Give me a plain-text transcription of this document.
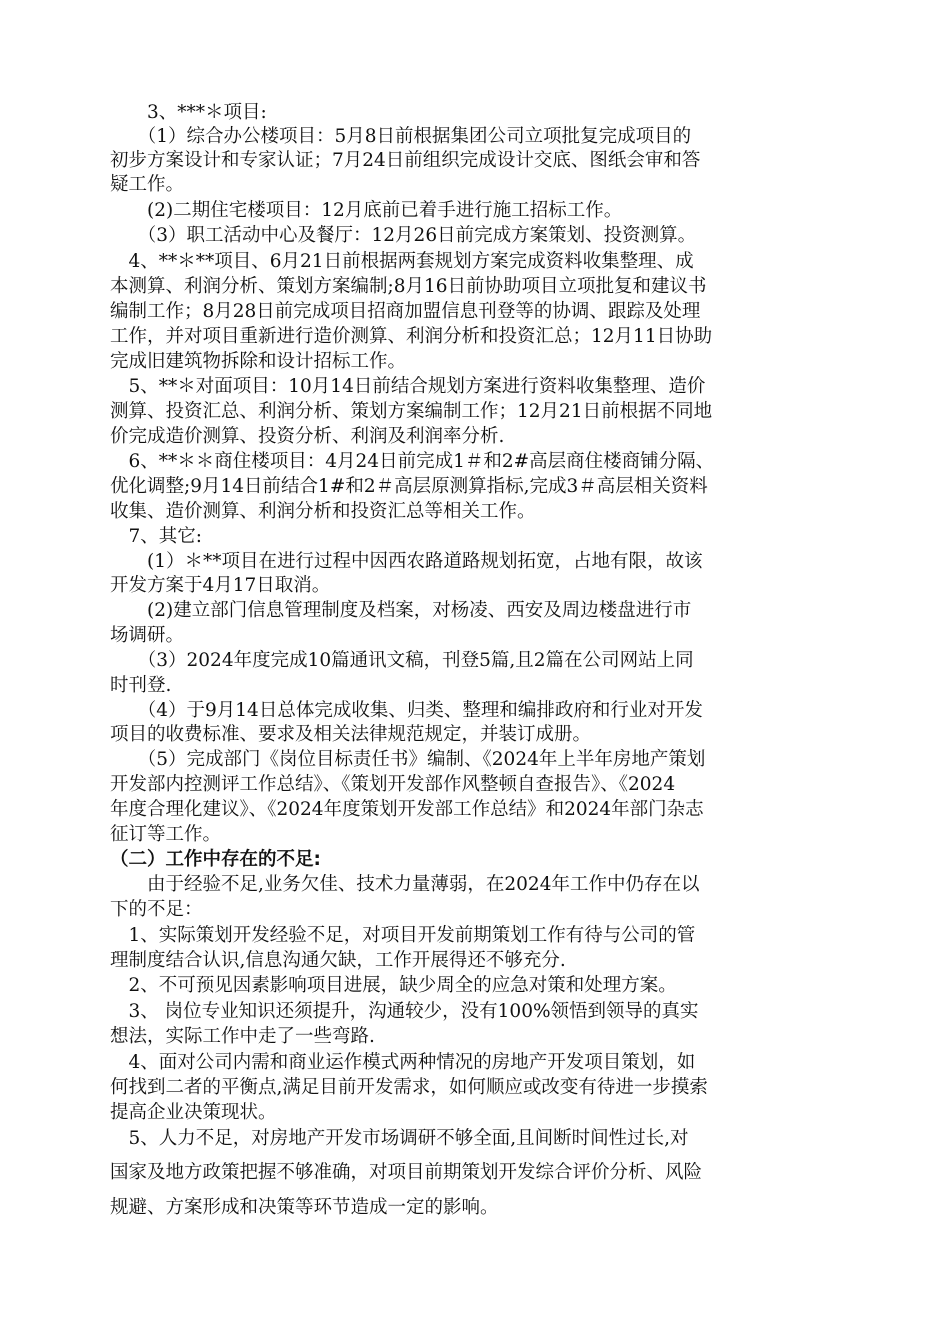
　　3、***＊项目:
　　（1）综合办公楼项目：5月8日前根据集团公司立项批复完成项目的
初步方案设计和专家认证；7月24日前组织完成设计交底、图纸会审和答
疑工作。
　　(2)二期住宅楼项目：12月底前已着手进行施工招标工作。
　　（3）职工活动中心及餐厅：12月26日前完成方案策划、投资测算。
　4、**＊**项目、6月21日前根据两套规划方案完成资料收集整理、成
本测算、利润分析、策划方案编制;8月16日前协助项目立项批复和建议书
编制工作；8月28日前完成项目招商加盟信息刊登等的协调、跟踪及处理
工作，并对项目重新进行造价测算、利润分析和投资汇总；12月11日协助
完成旧建筑物拆除和设计招标工作。
　5、**＊对面项目：10月14日前结合规划方案进行资料收集整理、造价
测算、投资汇总、利润分析、策划方案编制工作；12月21日前根据不同地
价完成造价测算、投资分析、利润及利润率分析.
　6、**＊＊商住楼项目：4月24日前完成1＃和2#高层商住楼商铺分隔、
优化调整;9月14日前结合1#和2＃高层原测算指标,完成3＃高层相关资料
收集、造价测算、利润分析和投资汇总等相关工作。
　7、其它:
　　(1）＊**项目在进行过程中因西农路道路规划拓宽，占地有限，故该
开发方案于4月17日取消。
　　(2)建立部门信息管理制度及档案，对杨凌、西安及周边楼盘进行市
场调研。
　　（3）2024年度完成10篇通讯文稿，刊登5篇,且2篇在公司网站上同
时刊登.
　　（4）于9月14日总体完成收集、归类、整理和编排政府和行业对开发
项目的收费标准、要求及相关法律规范规定，并装订成册。
　　（5）完成部门《岗位目标责任书》编制、《2024年上半年房地产策划
开发部内控测评工作总结》、《策划开发部作风整顿自查报告》、《2024
年度合理化建议》、《2024年度策划开发部工作总结》和2024年部门杂志
征订等工作。
（二）工作中存在的不足:
　　由于经验不足,业务欠佳、技术力量薄弱，在2024年工作中仍存在以
下的不足：
　1、实际策划开发经验不足，对项目开发前期策划工作有待与公司的管
理制度结合认识,信息沟通欠缺，工作开展得还不够充分.
　2、不可预见因素影响项目进展，缺少周全的应急对策和处理方案。
　3、 岗位专业知识还须提升，沟通较少，没有100%领悟到领导的真实
想法，实际工作中走了一些弯路.
　4、面对公司内需和商业运作模式两种情况的房地产开发项目策划，如
何找到二者的平衡点,满足目前开发需求，如何顺应或改变有待进一步摸索
提高企业决策现状。
　5、人力不足，对房地产开发市场调研不够全面,且间断时间性过长,对
国家及地方政策把握不够准确，对项目前期策划开发综合评价分析、风险
规避、方案形成和决策等环节造成一定的影响。
